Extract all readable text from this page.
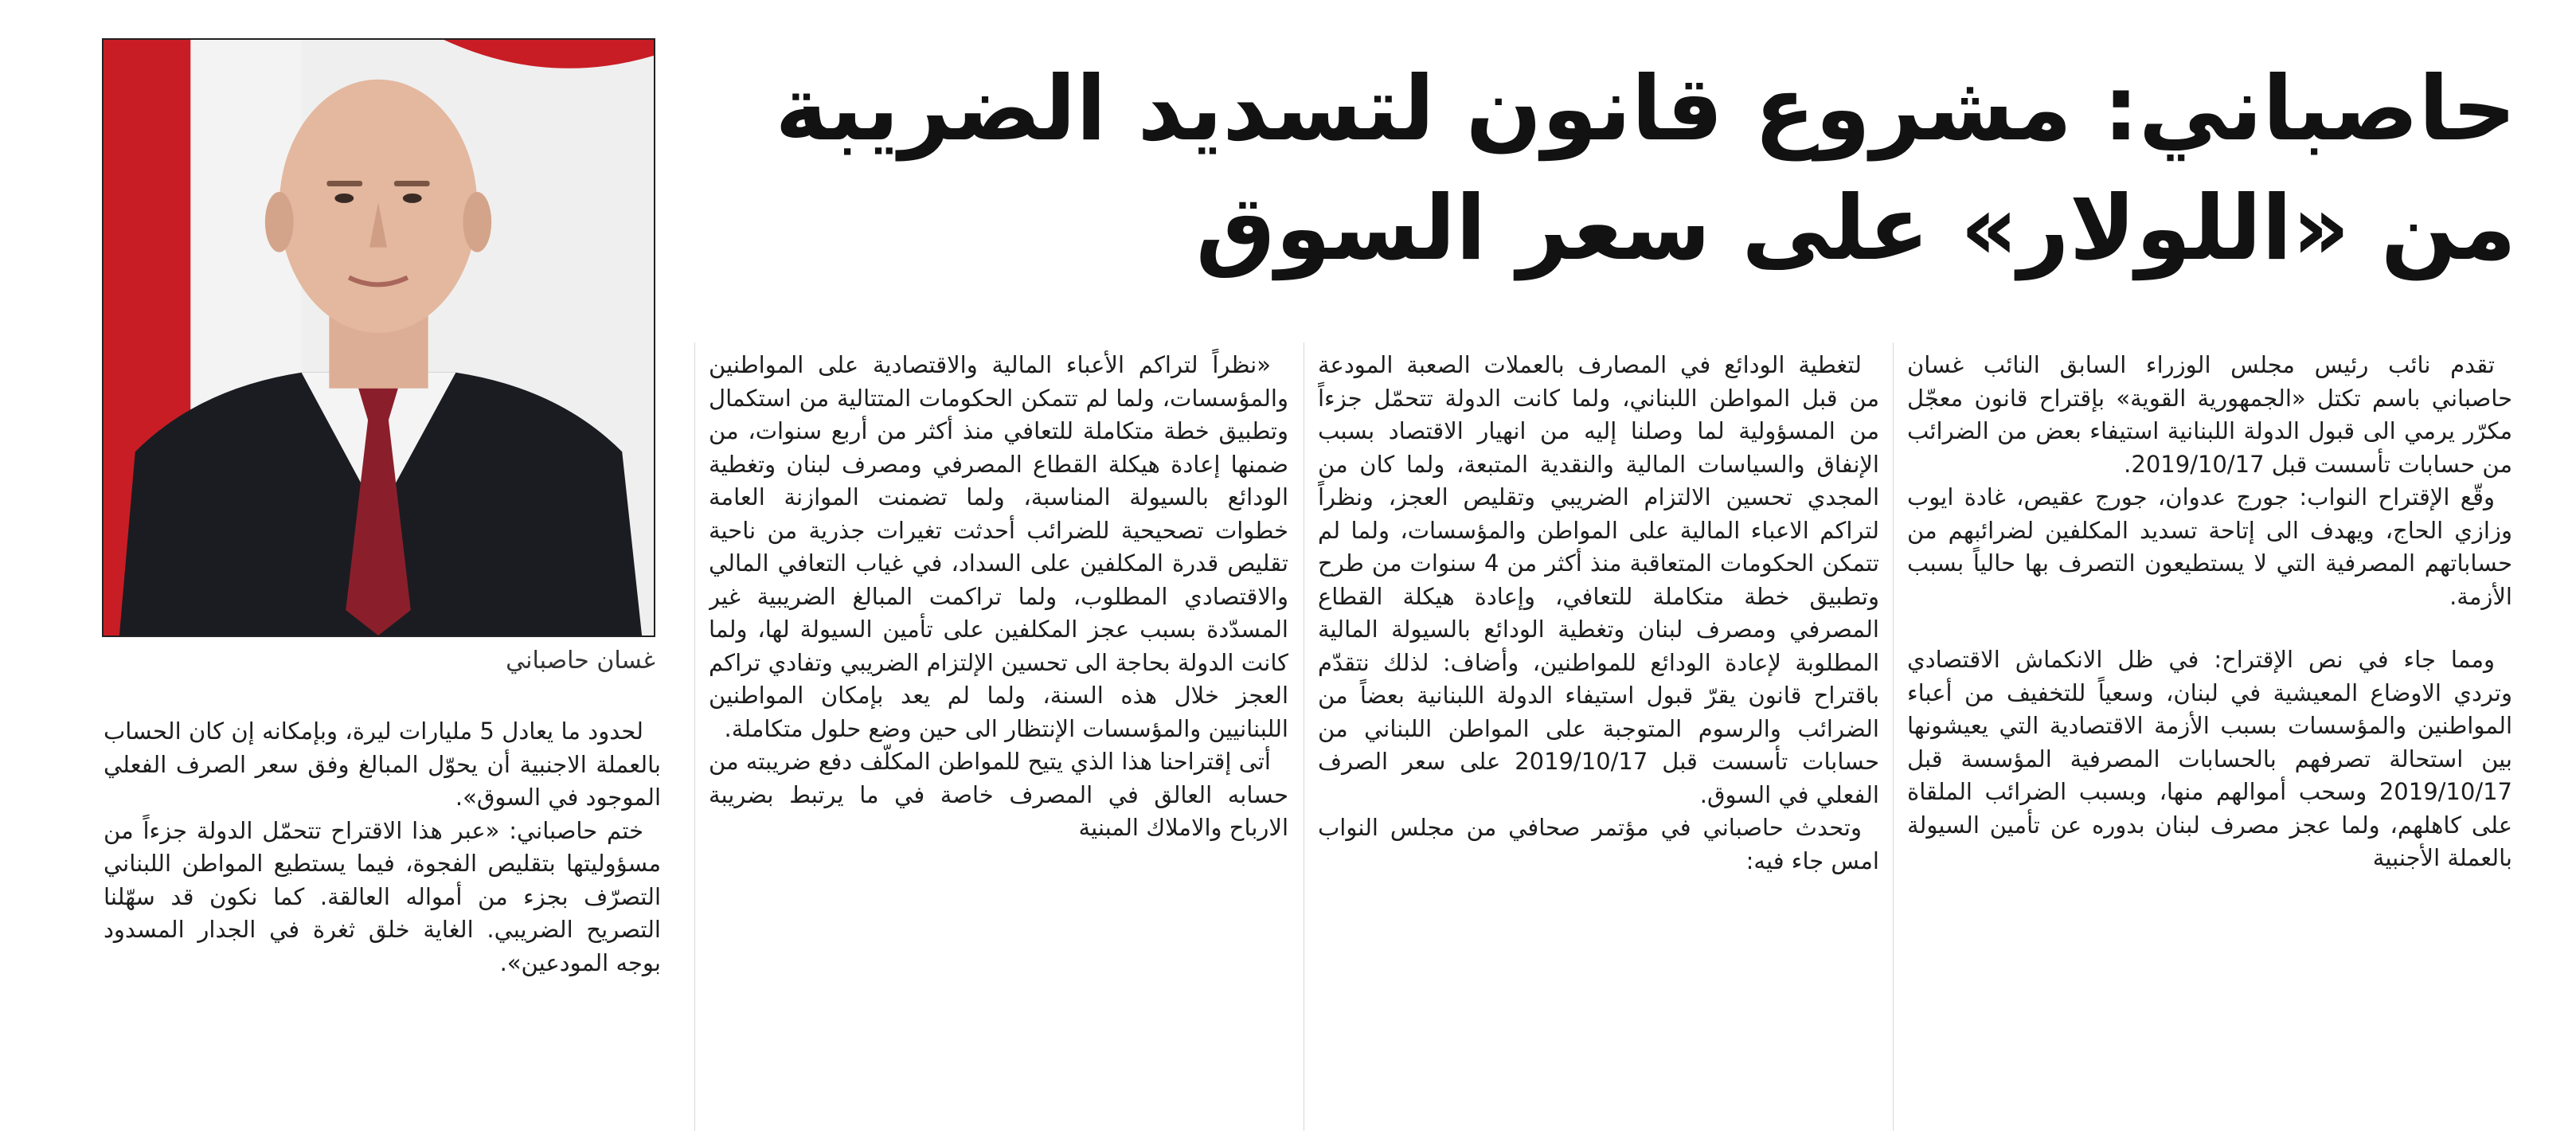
حاصباني: مشروع قانون لتسديد الضريبة
من «اللولار» على سعر السوق
غسان حاصباني

تقدم نائب رئيس مجلس الوزراء السابق النائب غسان حاصباني باسم تكتل «الجمهورية القوية» بإقتراح قانون معجّل مكرّر يرمي الى قبول الدولة اللبنانية استيفاء بعض من الضرائب من حسابات تأسست قبل 2019/10/17.

وقّع الإقتراح النواب: جورج عدوان، جورج عقيص، غادة ايوب وزازي الحاج، ويهدف الى إتاحة تسديد المكلفين لضرائبهم من حساباتهم المصرفية التي لا يستطيعون التصرف بها حالياً بسبب الأزمة.

ومما جاء في نص الإقتراح: في ظل الانكماش الاقتصادي وتردي الاوضاع المعيشية في لبنان، وسعياً للتخفيف من أعباء المواطنين والمؤسسات بسبب الأزمة الاقتصادية التي يعيشونها بين استحالة تصرفهم بالحسابات المصرفية المؤسسة قبل 2019/10/17 وسحب أموالهم منها، وبسبب الضرائب الملقاة على كاهلهم، ولما عجز مصرف لبنان بدوره عن تأمين السيولة بالعملة الأجنبية

لتغطية الودائع في المصارف بالعملات الصعبة المودعة من قبل المواطن اللبناني، ولما كانت الدولة تتحمّل جزءاً من المسؤولية لما وصلنا إليه من انهيار الاقتصاد بسبب الإنفاق والسياسات المالية والنقدية المتبعة، ولما كان من المجدي تحسين الالتزام الضريبي وتقليص العجز، ونظراً لتراكم الاعباء المالية على المواطن والمؤسسات، ولما لم تتمكن الحكومات المتعاقبة منذ أكثر من 4 سنوات من طرح وتطبيق خطة متكاملة للتعافي، وإعادة هيكلة القطاع المصرفي ومصرف لبنان وتغطية الودائع بالسيولة المالية المطلوبة لإعادة الودائع للمواطنين، وأضاف: لذلك نتقدّم باقتراح قانون يقرّ قبول استيفاء الدولة اللبنانية بعضاً من الضرائب والرسوم المتوجبة على المواطن اللبناني من حسابات تأسست قبل 2019/10/17 على سعر الصرف الفعلي في السوق.

وتحدث حاصباني في مؤتمر صحافي من مجلس النواب امس جاء فيه:

«نظراً لتراكم الأعباء المالية والاقتصادية على المواطنين والمؤسسات، ولما لم تتمكن الحكومات المتتالية من استكمال وتطبيق خطة متكاملة للتعافي منذ أكثر من أربع سنوات، من ضمنها إعادة هيكلة القطاع المصرفي ومصرف لبنان وتغطية الودائع بالسيولة المناسبة، ولما تضمنت الموازنة العامة خطوات تصحيحية للضرائب أحدثت تغيرات جذرية من ناحية تقليص قدرة المكلفين على السداد، في غياب التعافي المالي والاقتصادي المطلوب، ولما تراكمت المبالغ الضريبية غير المسدّدة بسبب عجز المكلفين على تأمين السيولة لها، ولما كانت الدولة بحاجة الى تحسين الإلتزام الضريبي وتفادي تراكم العجز خلال هذه السنة، ولما لم يعد بإمكان المواطنين اللبنانيين والمؤسسات الإنتظار الى حين وضع حلول متكاملة.

أتى إقتراحنا هذا الذي يتيح للمواطن المكلّف دفع ضريبته من حسابه العالق في المصرف خاصة في ما يرتبط بضريبة الارباح والاملاك المبنية

لحدود ما يعادل 5 مليارات ليرة، وبإمكانه إن كان الحساب بالعملة الاجنبية أن يحوّل المبالغ وفق سعر الصرف الفعلي الموجود في السوق».

ختم حاصباني: «عبر هذا الاقتراح تتحمّل الدولة جزءاً من مسؤوليتها بتقليص الفجوة، فيما يستطيع المواطن اللبناني التصرّف بجزء من أمواله العالقة. كما نكون قد سهّلنا التصريح الضريبي. الغاية خلق ثغرة في الجدار المسدود بوجه المودعين».
